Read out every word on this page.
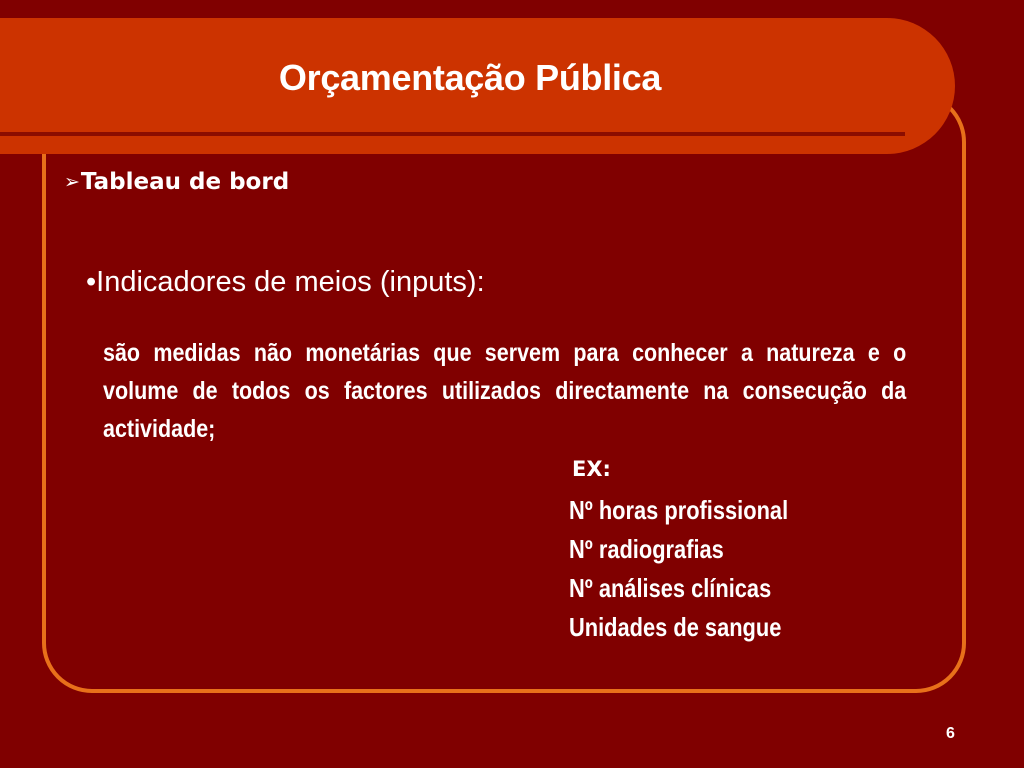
Orçamentação Pública
➢Tableau de bord
•Indicadores de meios (inputs):
são medidas não monetárias que servem para conhecer a natureza e o volume de todos os factores utilizados directamente na consecução da actividade;
EX:
Nº horas profissional
Nº radiografias
Nº análises clínicas
Unidades de sangue
6
